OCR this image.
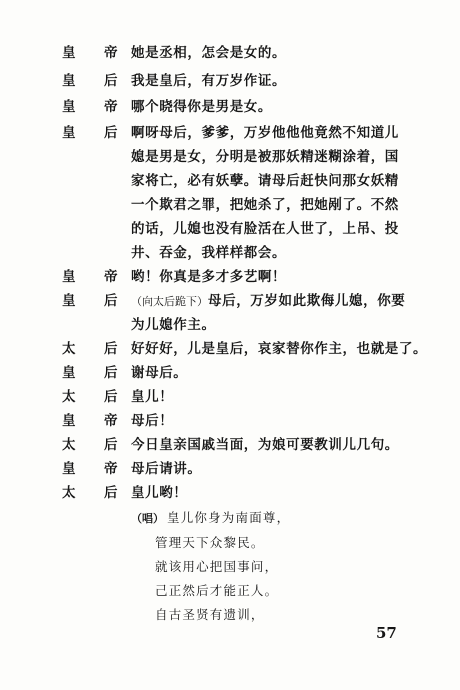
皇 帝 她是丞相，怎会是女的。
皇 后 我是皇后，有万岁作证。
皇 帝 哪个晓得你是男是女。
皇 后 啊呀母后，爹爹，万岁他他他竟然不知道儿
媳是男是女，分明是被那妖精迷糊涂着，国
家将亡，必有妖孽。请母后赶快问那女妖精
一个欺君之罪，把她杀了，把她剐了。不然
的话，儿媳也没有脸活在人世了，上吊、投
井、吞金，我样样都会。
皇 帝 哟！你真是多才多艺啊！
皇 后 （向太后跪下）母后，万岁如此欺侮儿媳，你要
为儿媳作主。
太 后 好好好，儿是皇后，哀家替你作主，也就是了。
皇 后 谢母后。
太 后 皇儿！
皇 帝 母后！
太 后 今日皇亲国戚当面，为娘可要教训儿几句。
皇 帝 母后请讲。
太 后 皇儿哟！
（唱） 皇儿你身为南面尊，
管理天下众黎民。
就该用心把国事问，
己正然后才能正人。
自古圣贤有遗训，
57
